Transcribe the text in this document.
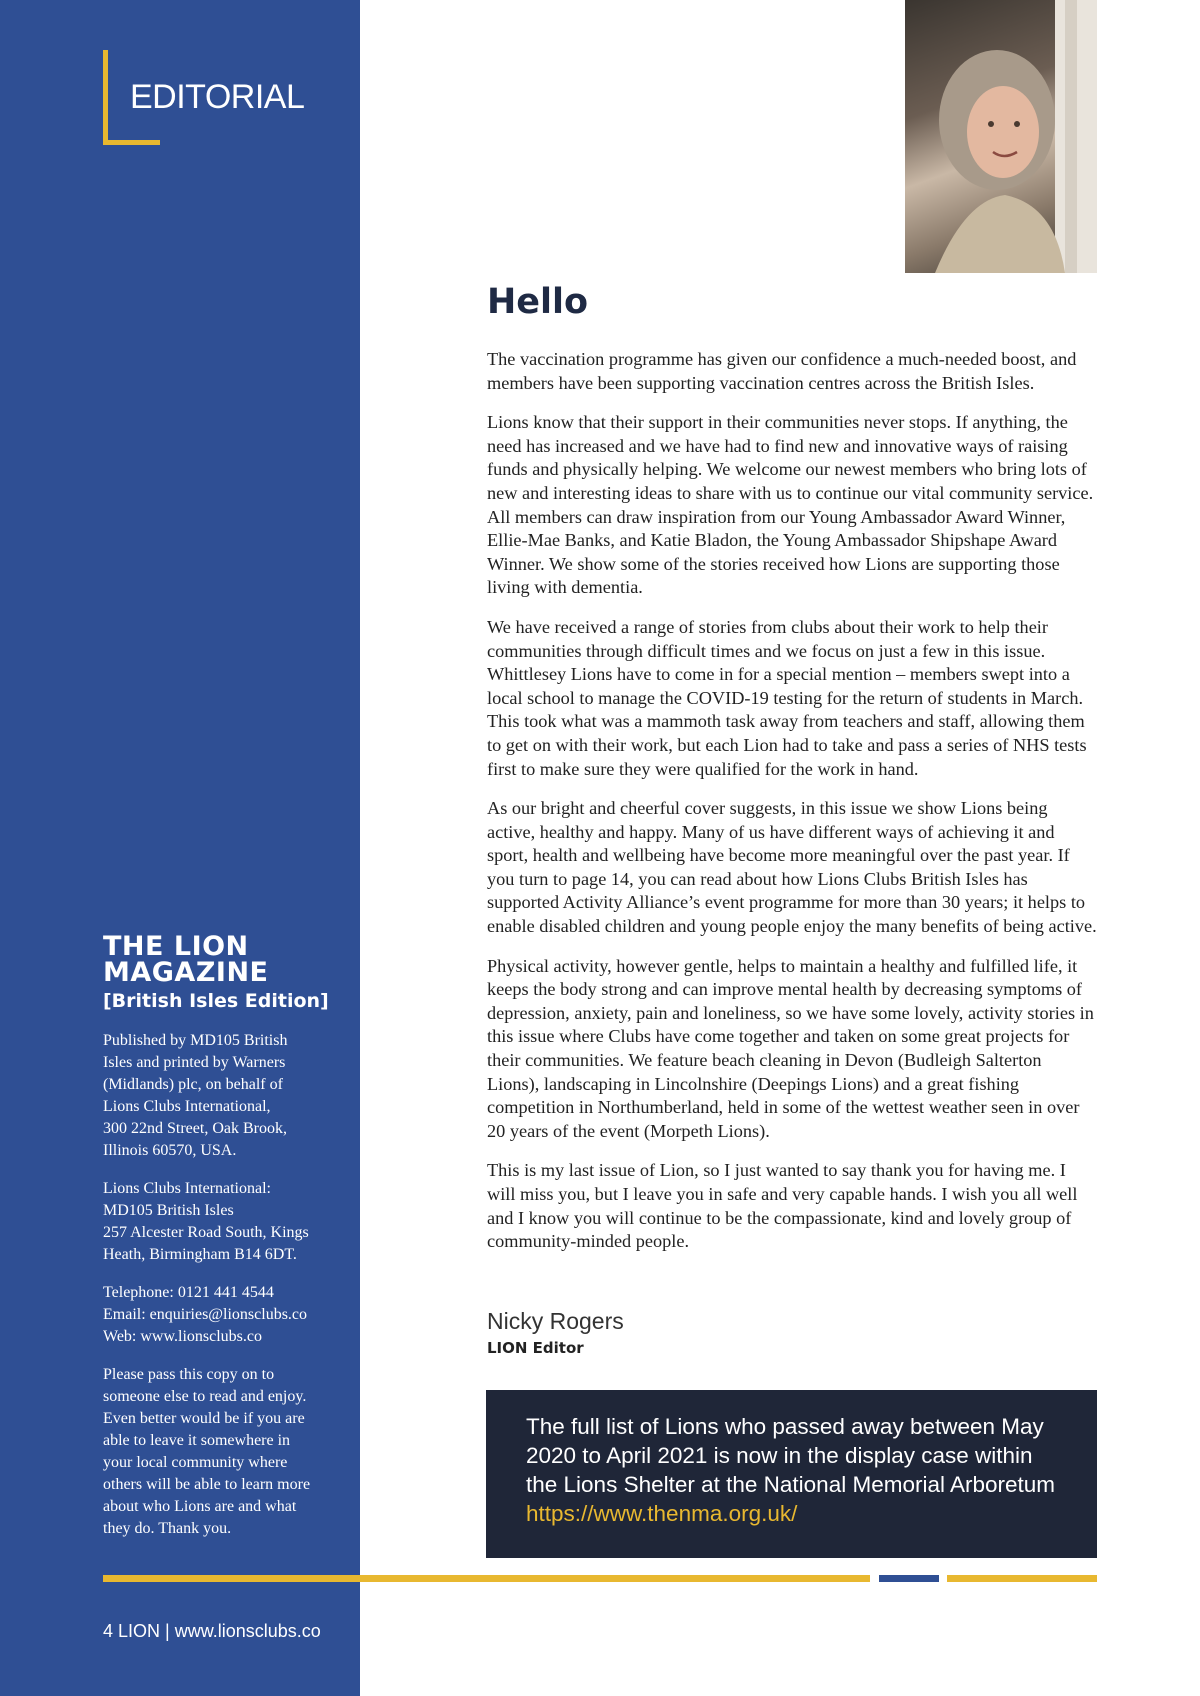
EDITORIAL
THE LION
MAGAZINE
[British Isles Edition]

Published by MD105 British
Isles and printed by Warners
(Midlands) plc, on behalf of
Lions Clubs International,
300 22nd Street, Oak Brook,
Illinois 60570, USA.

Lions Clubs International:
MD105 British Isles
257 Alcester Road South, Kings
Heath, Birmingham B14 6DT.

Telephone: 0121 441 4544
Email: enquiries@lionsclubs.co
Web: www.lionsclubs.co

Please pass this copy on to
someone else to read and enjoy.
Even better would be if you are
able to leave it somewhere in
your local community where
others will be able to learn more
about who Lions are and what
they do. Thank you.

4 LION | www.lionsclubs.co
Hello

The vaccination programme has given our confidence a much-needed boost, and members have been supporting vaccination centres across the British Isles.

Lions know that their support in their communities never stops. If anything, the need has increased and we have had to find new and innovative ways of raising funds and physically helping. We welcome our newest members who bring lots of new and interesting ideas to share with us to continue our vital community service. All members can draw inspiration from our Young Ambassador Award Winner, Ellie-Mae Banks, and Katie Bladon, the Young Ambassador Shipshape Award Winner. We show some of the stories received how Lions are supporting those living with dementia.

We have received a range of stories from clubs about their work to help their communities through difficult times and we focus on just a few in this issue. Whittlesey Lions have to come in for a special mention – members swept into a local school to manage the COVID-19 testing for the return of students in March. This took what was a mammoth task away from teachers and staff, allowing them to get on with their work, but each Lion had to take and pass a series of NHS tests first to make sure they were qualified for the work in hand.

As our bright and cheerful cover suggests, in this issue we show Lions being active, healthy and happy. Many of us have different ways of achieving it and sport, health and wellbeing have become more meaningful over the past year. If you turn to page 14, you can read about how Lions Clubs British Isles has supported Activity Alliance’s event programme for more than 30 years; it helps to enable disabled children and young people enjoy the many benefits of being active.

Physical activity, however gentle, helps to maintain a healthy and fulfilled life, it keeps the body strong and can improve mental health by decreasing symptoms of depression, anxiety, pain and loneliness, so we have some lovely, activity stories in this issue where Clubs have come together and taken on some great projects for their communities. We feature beach cleaning in Devon (Budleigh Salterton Lions), landscaping in Lincolnshire (Deepings Lions) and a great fishing competition in Northumberland, held in some of the wettest weather seen in over 20 years of the event (Morpeth Lions).

This is my last issue of Lion, so I just wanted to say thank you for having me. I will miss you, but I leave you in safe and very capable hands. I wish you all well and I know you will continue to be the compassionate, kind and lovely group of community-minded people.

Nicky Rogers
LION Editor

The full list of Lions who passed away between May
2020 to April 2021 is now in the display case within
the Lions Shelter at the National Memorial Arboretum

https://www.thenma.org.uk/
